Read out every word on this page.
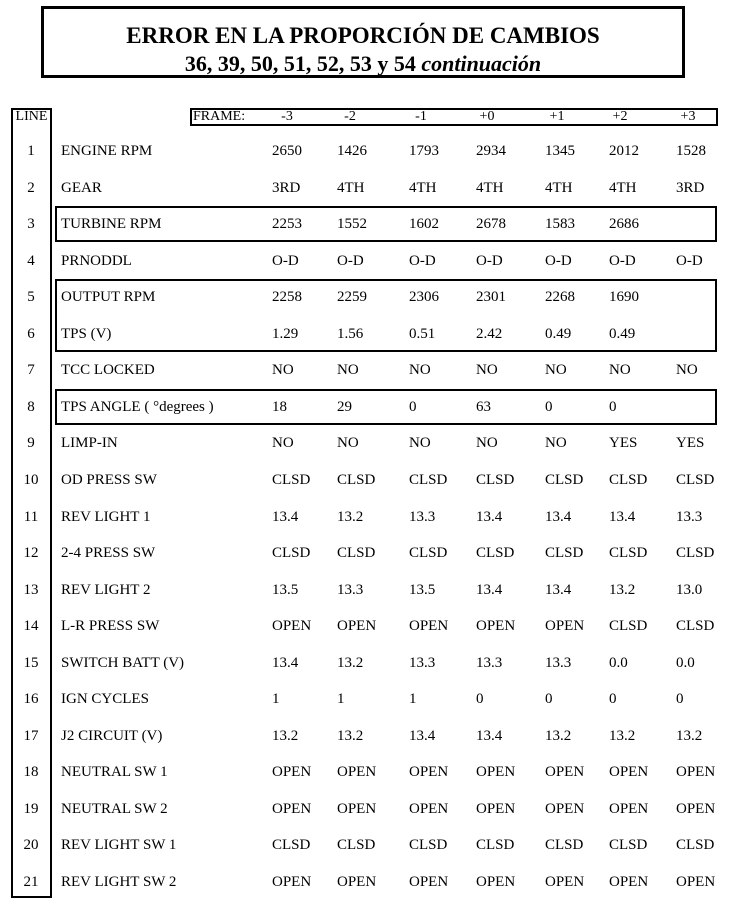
ERROR EN LA PROPORCIÓN DE CAMBIOS
36, 39, 50, 51, 52, 53 y 54 continuación
LINE	FRAME:	-3	-2	-1	+0	+1	+2	+3
1	ENGINE RPM	2650 1426	1793 2934	1345 2012 1528
2	GEAR	3RD 4TH	4TH	4TH	4TH 4TH	3RD
3	TURBINE RPM	2253 1552	1602 2678	1583 2686
4	PRNODDL	O-D	O-D	O-D	O-D	O-D O-D	O-D
5	OUTPUT RPM	2258 2259	2306 2301	2268 1690
6	TPS (V)	1.29	1.56	0.51	2.42	0.49	0.49
7	TCC LOCKED	NO	NO	NO	NO	NO	NO	NO
8	TPS ANGLE ( °degrees )	18	29	0	63	0	0
9	LIMP-IN	NO	NO	NO	NO	NO	YES	YES
10	OD PRESS SW	CLSD CLSD CLSD CLSD CLSD CLSD CLSD
11	REV LIGHT 1	13.4	13.2	13.3	13.4	13.4	13.4	13.3
12	2-4 PRESS SW	CLSD CLSD CLSD CLSD CLSD CLSD CLSD
13	REV LIGHT 2	13.5	13.3	13.5	13.4	13.4	13.2	13.0
14	L-R PRESS SW	OPEN OPEN OPEN OPEN OPEN CLSD CLSD
15	SWITCH BATT (V)	13.4	13.2	13.3	13.3	13.3	0.0	0.0
16	IGN CYCLES	1	1	1	0	0	0	0
17	J2 CIRCUIT (V)	13.2	13.2	13.4	13.4	13.2	13.2	13.2
18	NEUTRAL SW 1	OPEN OPEN OPEN OPEN OPEN OPEN OPEN
19	NEUTRAL SW 2	OPEN OPEN OPEN OPEN OPEN OPEN OPEN
20	REV LIGHT SW 1	CLSD CLSD CLSD CLSD CLSD CLSD CLSD
21	REV LIGHT SW 2	OPEN OPEN OPEN OPEN OPEN OPEN OPEN
